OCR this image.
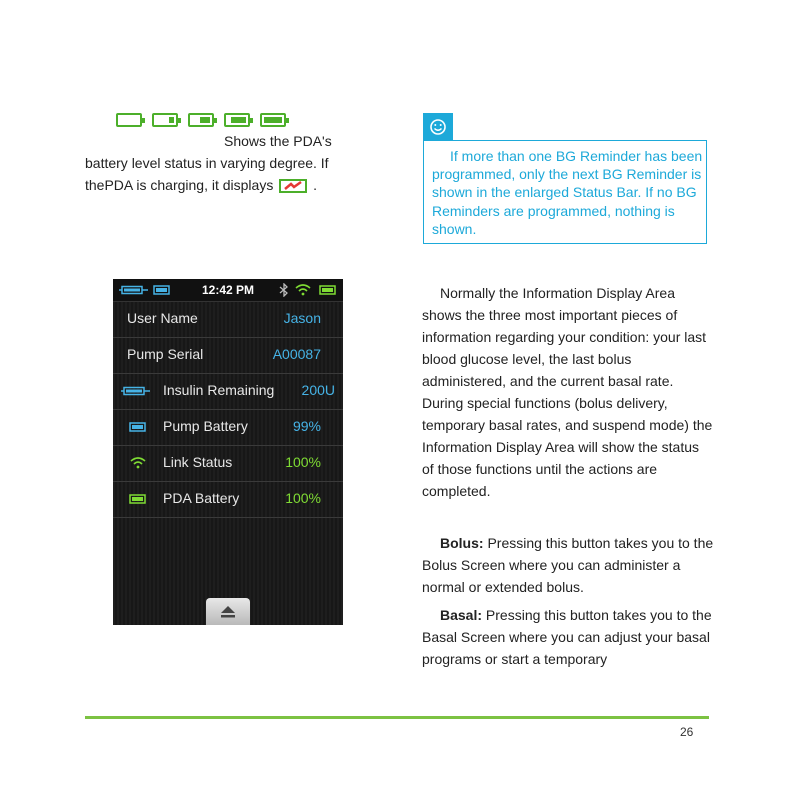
Shows the PDA's
battery level status in varying degree. If
thePDA is charging, it displays	.
If more than one BG Reminder has been programmed, only the next BG Reminder is shown in the enlarged Status Bar. If no BG Reminders are programmed, nothing is shown.
12:42 PM
User Name	Jason
Pump Serial	A00087
Insulin Remaining 200U
Pump Battery	99%
Link Status	100%
PDA Battery	100%
Normally the Information Display Area shows the three most important pieces of information regarding your condition: your last blood glucose level, the last bolus administered, and the current basal rate. During special functions (bolus delivery, temporary basal rates, and suspend mode) the Information Display Area will show the status of those functions until the actions are completed.
Bolus: Pressing this button takes you to the Bolus Screen where you can administer a normal or extended bolus.
Basal: Pressing this button takes you to the Basal Screen where you can adjust your basal programs or start a temporary
26
